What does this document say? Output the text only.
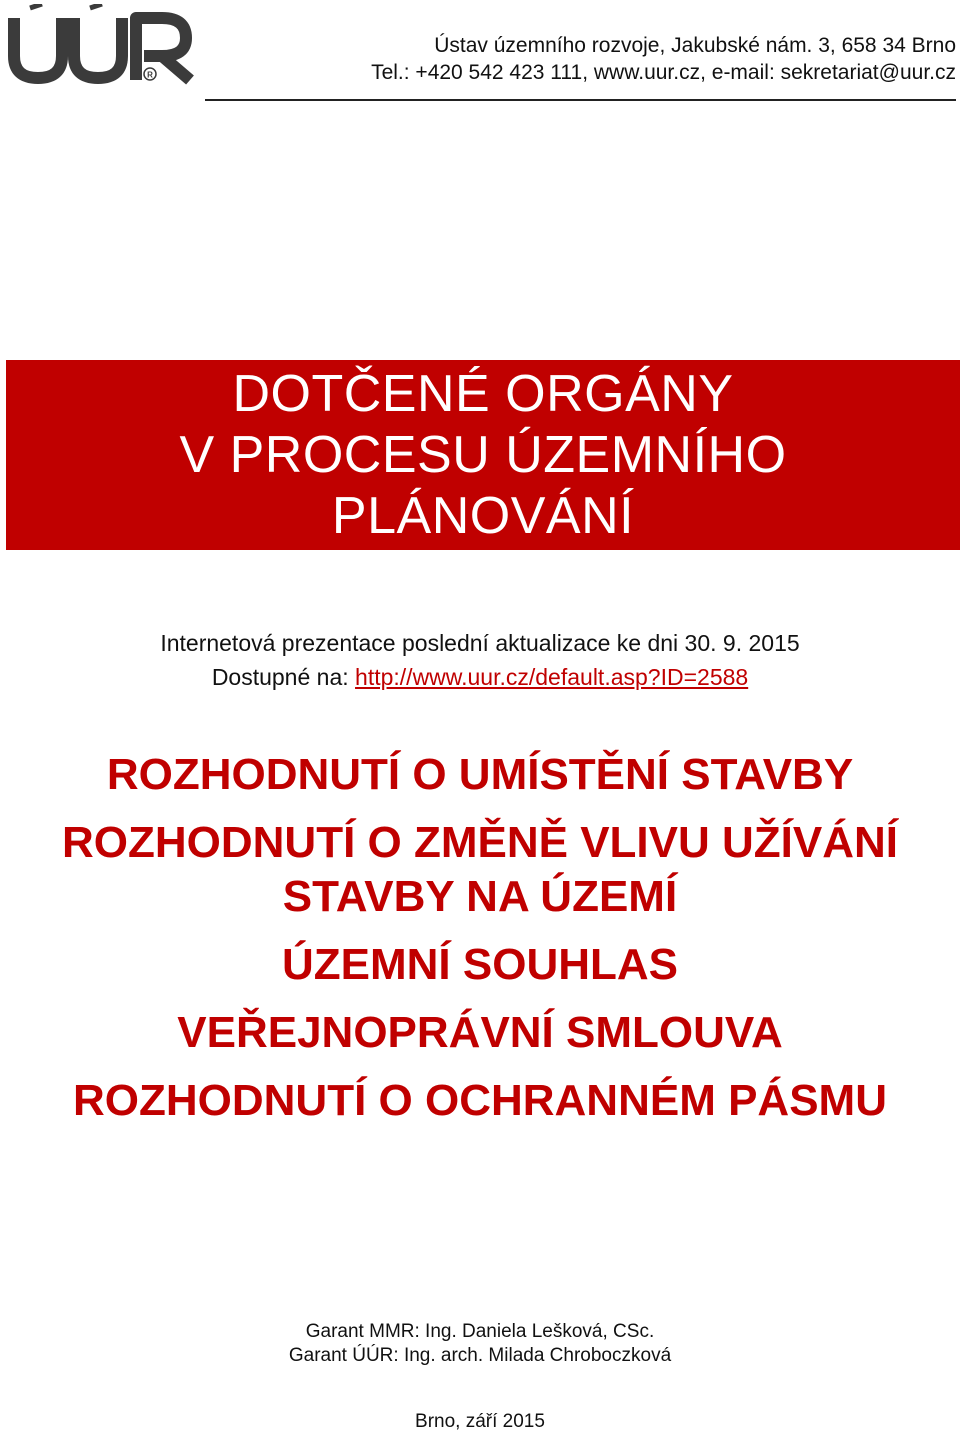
R
Ústav územního rozvoje, Jakubské nám. 3, 658 34 Brno
Tel.: +420 542 423 111, www.uur.cz, e-mail: sekretariat@uur.cz
DOTČENÉ ORGÁNY
V PROCESU ÚZEMNÍHO
PLÁNOVÁNÍ
Internetová prezentace poslední aktualizace ke dni 30. 9. 2015
Dostupné na: http://www.uur.cz/default.asp?ID=2588
ROZHODNUTÍ O UMÍSTĚNÍ STAVBY
ROZHODNUTÍ O ZMĚNĚ VLIVU UŽÍVÁNÍ
STAVBY NA ÚZEMÍ
ÚZEMNÍ SOUHLAS
VEŘEJNOPRÁVNÍ SMLOUVA
ROZHODNUTÍ O OCHRANNÉM PÁSMU
Garant MMR: Ing. Daniela Lešková, CSc.
Garant ÚÚR: Ing. arch. Milada Chroboczková
Brno, září 2015
